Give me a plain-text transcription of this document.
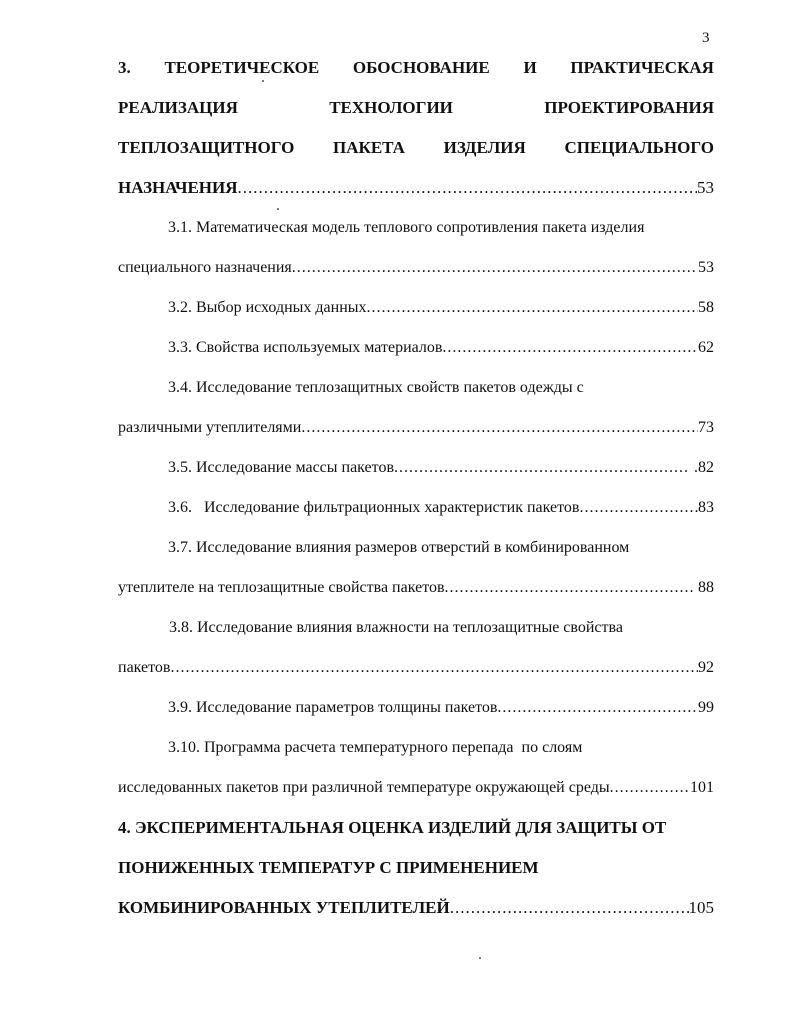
3
3. ТЕОРЕТИЧЕСКОЕ ОБОСНОВАНИЕ И ПРАКТИЧЕСКАЯ
РЕАЛИЗАЦИЯ	ТЕХНОЛОГИИ	ПРОЕКТИРОВАНИЯ
ТЕПЛОЗАЩИТНОГО ПАКЕТА ИЗДЕЛИЯ СПЕЦИАЛЬНОГО
НАЗНАЧЕНИЯ .....	53
3.1. Математическая модель теплового сопротивления пакета изделия
специального назначения .....	53
3.2. Выбор исходных данных .....	58
3.3. Свойства используемых материалов .....	62
3.4. Исследование теплозащитных свойств пакетов одежды с
различными утеплителями .....	73
3.5. Исследование массы пакетов .....	.82
3.6.   Исследование фильтрационных характеристик пакетов .....	83
3.7. Исследование влияния размеров отверстий в комбинированном
утеплителе на теплозащитные свойства пакетов .....	88
3.8. Исследование влияния влажности на теплозащитные свойства
пакетов .....	92
3.9. Исследование параметров толщины пакетов .....	99
3.10. Программа расчета температурного перепада  по слоям
исследованных пакетов при различной температуре окружающей среды .....	101
4. ЭКСПЕРИМЕНТАЛЬНАЯ ОЦЕНКА ИЗДЕЛИЙ ДЛЯ ЗАЩИТЫ ОТ
ПОНИЖЕННЫХ ТЕМПЕРАТУР С ПРИМЕНЕНИЕМ
КОМБИНИРОВАННЫХ УТЕПЛИТЕЛЕЙ .....	105
